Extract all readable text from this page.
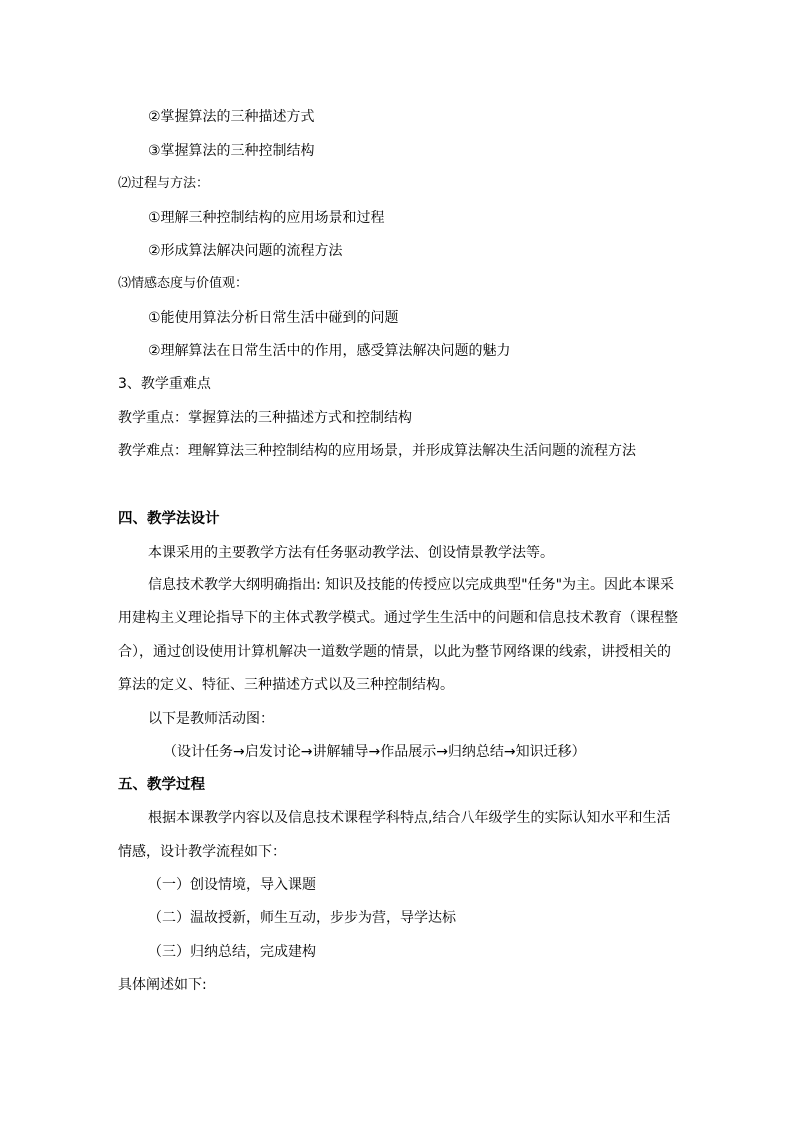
②掌握算法的三种描述方式
③掌握算法的三种控制结构
⑵过程与方法：
①理解三种控制结构的应用场景和过程
②形成算法解决问题的流程方法
⑶情感态度与价值观：
①能使用算法分析日常生活中碰到的问题
②理解算法在日常生活中的作用，感受算法解决问题的魅力
3、教学重难点
教学重点：掌握算法的三种描述方式和控制结构
教学难点：理解算法三种控制结构的应用场景，并形成算法解决生活问题的流程方法
四、教学法设计
本课采用的主要教学方法有任务驱动教学法、创设情景教学法等。
信息技术教学大纲明确指出: 知识及技能的传授应以完成典型"任务"为主。因此本课采
用建构主义理论指导下的主体式教学模式。通过学生生活中的问题和信息技术教育（课程整
合），通过创设使用计算机解决一道数学题的情景，以此为整节网络课的线索，讲授相关的
算法的定义、特征、三种描述方式以及三种控制结构。
以下是教师活动图：
（设计任务→启发讨论→讲解辅导→作品展示→归纳总结→知识迁移）
五、教学过程
根据本课教学内容以及信息技术课程学科特点,结合八年级学生的实际认知水平和生活
情感，设计教学流程如下：
（一）创设情境，导入课题
（二）温故授新，师生互动，步步为营，导学达标
（三）归纳总结，完成建构
具体阐述如下:
